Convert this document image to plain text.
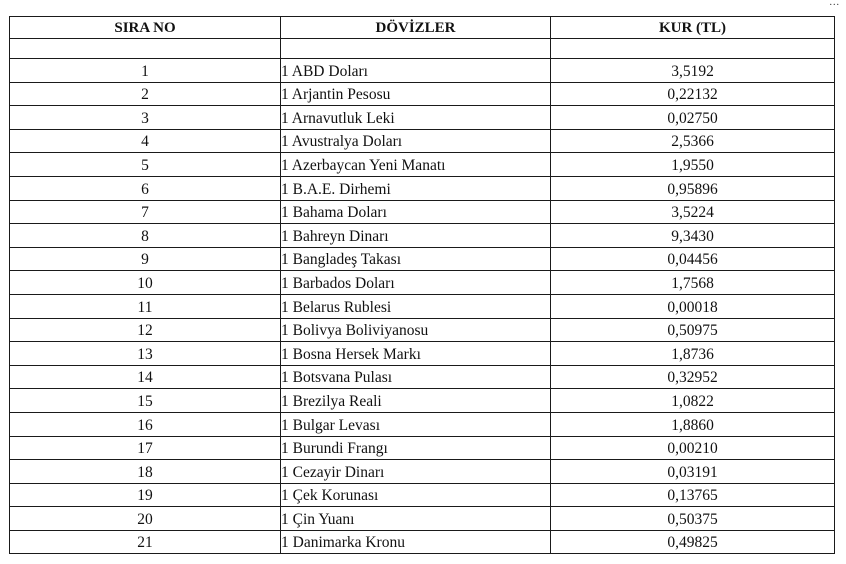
...
SIRA NO	DÖVİZLER	KUR (TL)

1	1 ABD Doları	3,5192
2	1 Arjantin Pesosu	0,22132
3	1 Arnavutluk Leki	0,02750
4	1 Avustralya Doları	2,5366
5	1 Azerbaycan Yeni Manatı	1,9550
6	1 B.A.E. Dirhemi	0,95896
7	1 Bahama Doları	3,5224
8	1 Bahreyn Dinarı	9,3430
9	1 Bangladeş Takası	0,04456
10	1 Barbados Doları	1,7568
11	1 Belarus Rublesi	0,00018
12	1 Bolivya Boliviyanosu	0,50975
13	1 Bosna Hersek Markı	1,8736
14	1 Botsvana Pulası	0,32952
15	1 Brezilya Reali	1,0822
16	1 Bulgar Levası	1,8860
17	1 Burundi Frangı	0,00210
18	1 Cezayir Dinarı	0,03191
19	1 Çek Korunası	0,13765
20	1 Çin Yuanı	0,50375
21	1 Danimarka Kronu	0,49825
